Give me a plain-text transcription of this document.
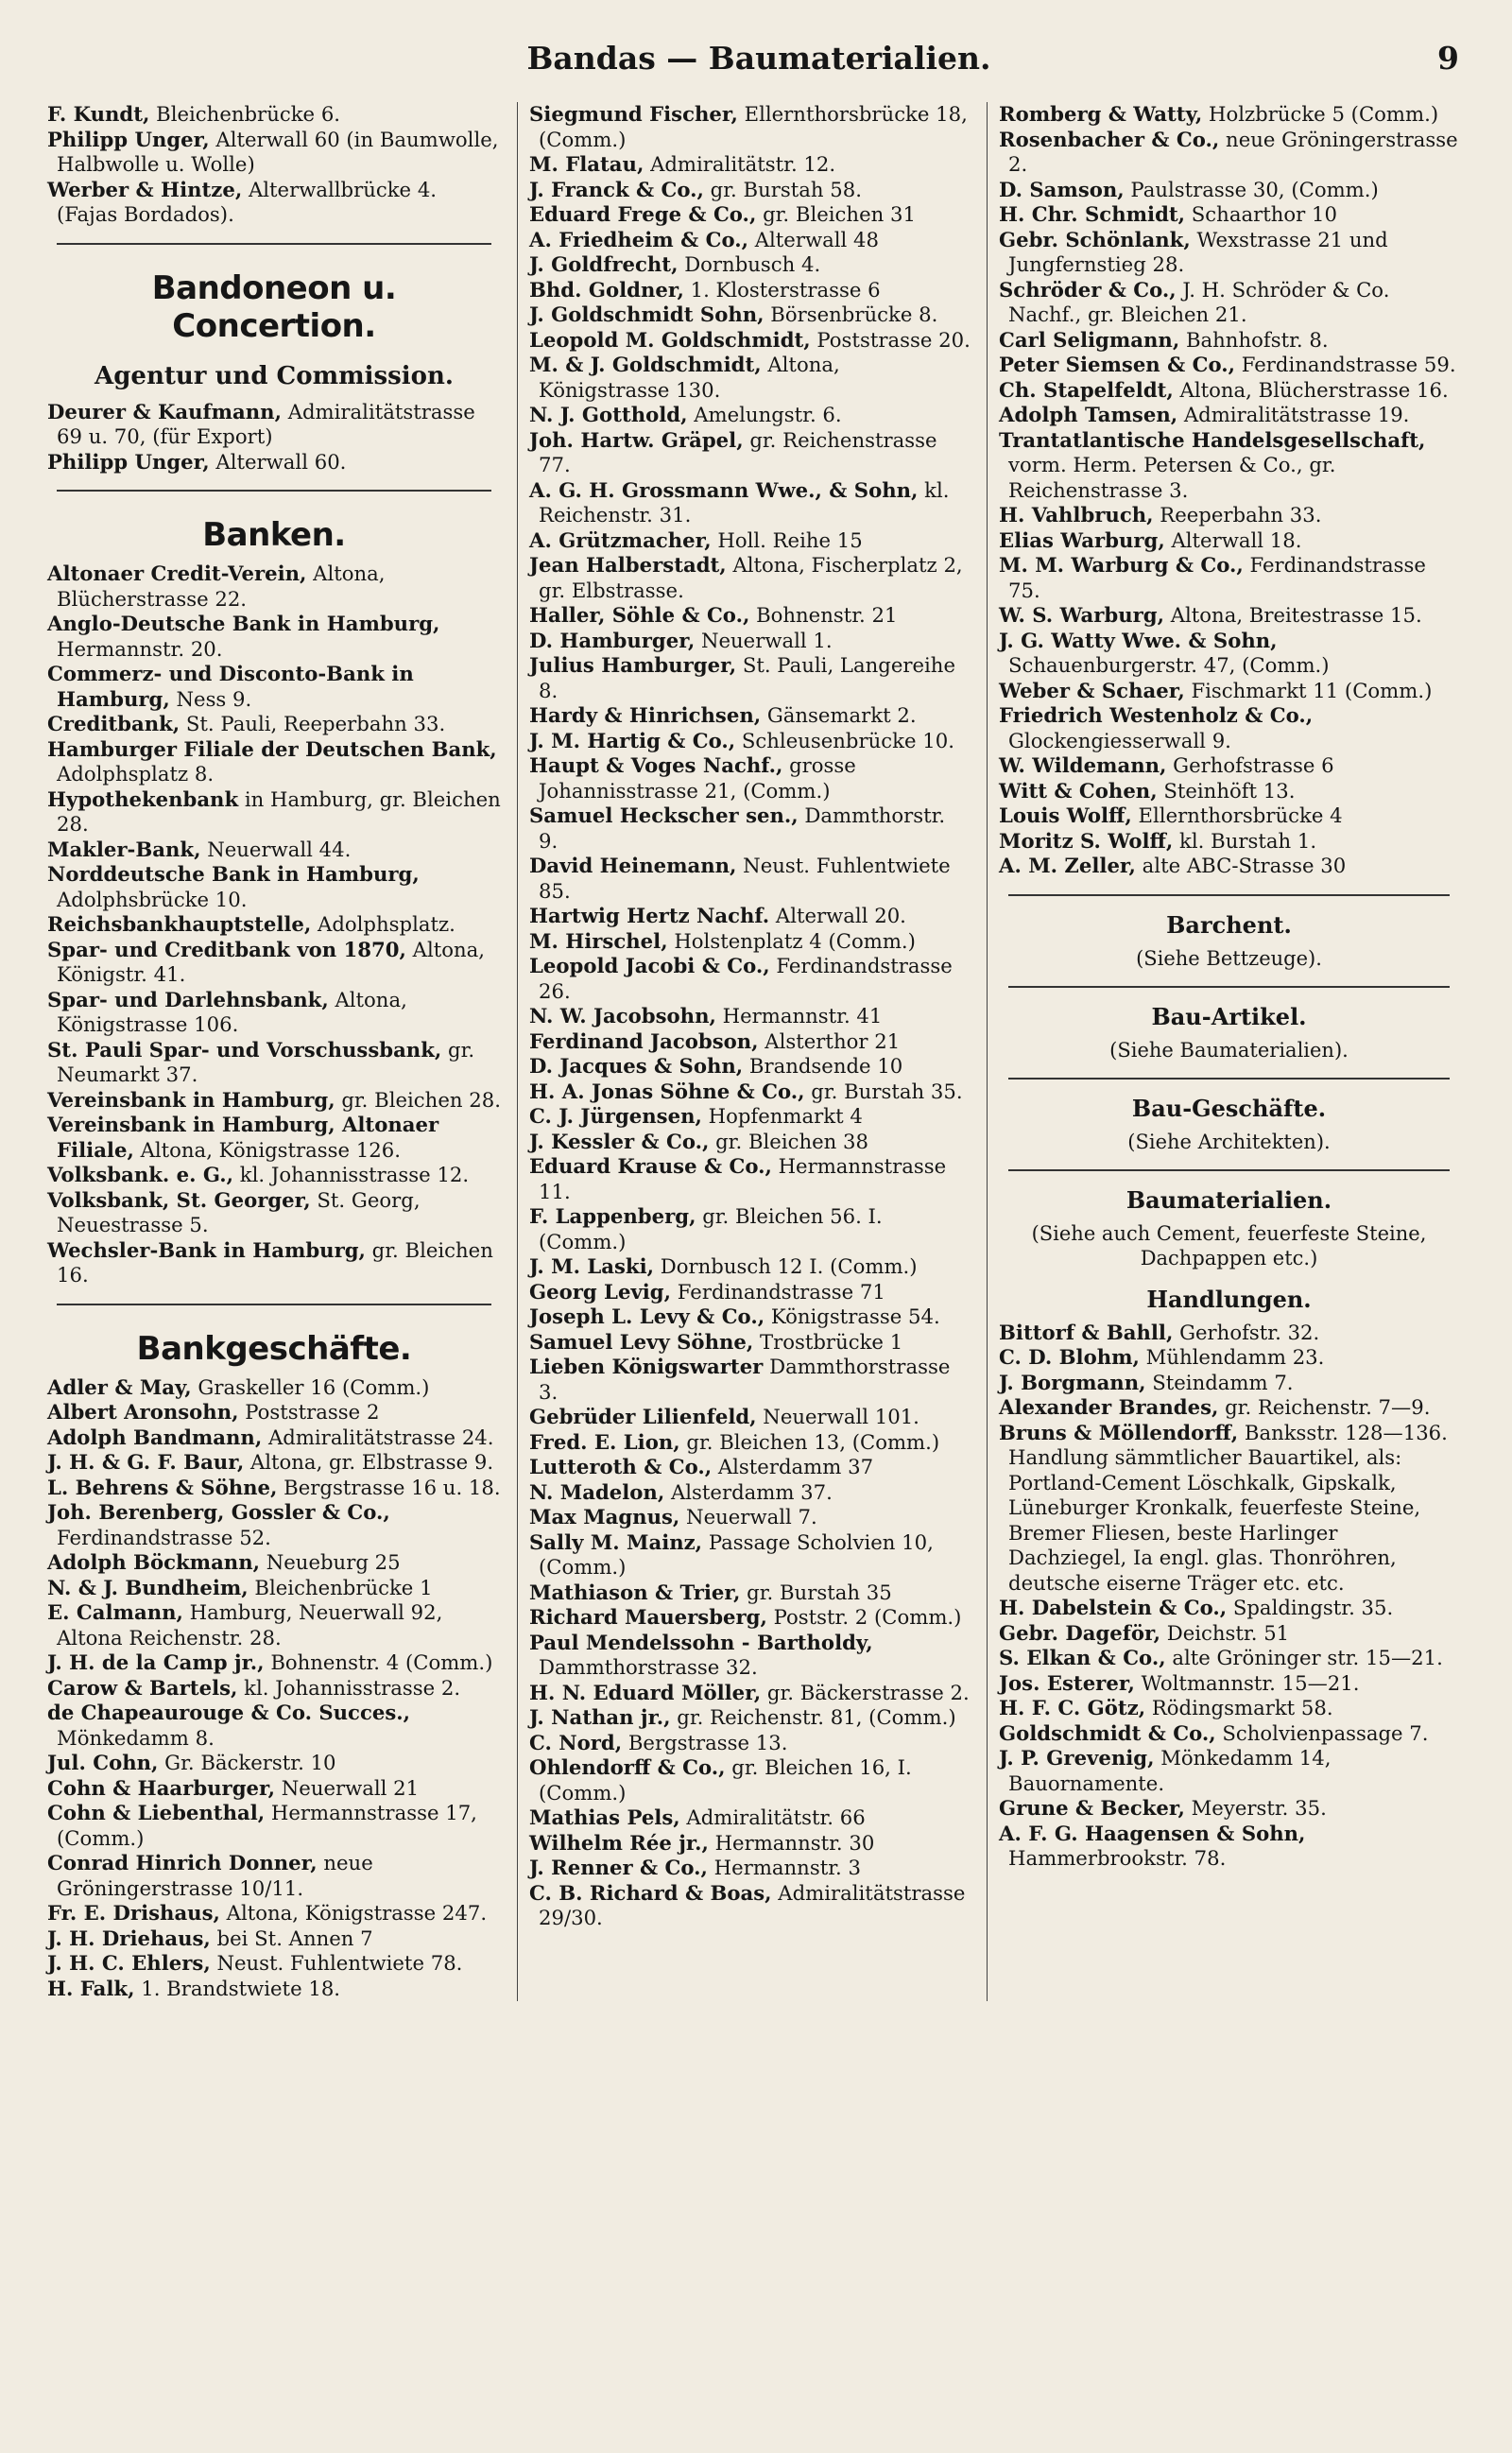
Bandas — Baumaterialien.	9

F. Kundt, Bleichenbrücke 6.

Philipp Unger, Alterwall 60 (in Baumwolle, Halbwolle u. Wolle)

Werber & Hintze, Alterwallbrücke 4. (Fajas Bordados).

Bandoneon u. Concertion.
Agentur und Commission.

Deurer & Kaufmann, Admiralitätstrasse 69 u. 70, (für Export)

Philipp Unger, Alterwall 60.

Banken.

Altonaer Credit-Verein, Altona, Blücherstrasse 22.

Anglo-Deutsche Bank in Hamburg, Hermannstr. 20.

Commerz- und Disconto-Bank in Hamburg, Ness 9.

Creditbank, St. Pauli, Reeperbahn 33.

Hamburger Filiale der Deutschen Bank, Adolphsplatz 8.

Hypothekenbank in Hamburg, gr. Bleichen 28.

Makler-Bank, Neuerwall 44.

Norddeutsche Bank in Hamburg, Adolphsbrücke 10.

Reichsbankhauptstelle, Adolphsplatz.

Spar- und Creditbank von 1870, Altona, Königstr. 41.

Spar- und Darlehnsbank, Altona, Königstrasse 106.

St. Pauli Spar- und Vorschussbank, gr. Neumarkt 37.

Vereinsbank in Hamburg, gr. Bleichen 28.

Vereinsbank in Hamburg, Altonaer Filiale, Altona, Königstrasse 126.

Volksbank. e. G., kl. Johannisstrasse 12.

Volksbank, St. Georger, St. Georg, Neuestrasse 5.

Wechsler-Bank in Hamburg, gr. Bleichen 16.

Bankgeschäfte.

Adler & May, Graskeller 16 (Comm.)

Albert Aronsohn, Poststrasse 2

Adolph Bandmann, Admiralitätstrasse 24.

J. H. & G. F. Baur, Altona, gr. Elbstrasse 9.

L. Behrens & Söhne, Bergstrasse 16 u. 18.

Joh. Berenberg, Gossler & Co., Ferdinandstrasse 52.

Adolph Böckmann, Neueburg 25

N. & J. Bundheim, Bleichenbrücke 1

E. Calmann, Hamburg, Neuerwall 92, Altona Reichenstr. 28.

J. H. de la Camp jr., Bohnenstr. 4 (Comm.)

Carow & Bartels, kl. Johannisstrasse 2.

de Chapeaurouge & Co. Succes., Mönkedamm 8.

Jul. Cohn, Gr. Bäckerstr. 10

Cohn & Haarburger, Neuerwall 21

Cohn & Liebenthal, Hermannstrasse 17, (Comm.)

Conrad Hinrich Donner, neue Gröningerstrasse 10/11.

Fr. E. Drishaus, Altona, Königstrasse 247.

J. H. Driehaus, bei St. Annen 7

J. H. C. Ehlers, Neust. Fuhlentwiete 78.

H. Falk, 1. Brandstwiete 18.

Siegmund Fischer, Ellernthorsbrücke 18, (Comm.)

M. Flatau, Admiralitätstr. 12.

J. Franck & Co., gr. Burstah 58.

Eduard Frege & Co., gr. Bleichen 31

A. Friedheim & Co., Alterwall 48

J. Goldfrecht, Dornbusch 4.

Bhd. Goldner, 1. Klosterstrasse 6

J. Goldschmidt Sohn, Börsenbrücke 8.

Leopold M. Goldschmidt, Poststrasse 20.

M. & J. Goldschmidt, Altona, Königstrasse 130.

N. J. Gotthold, Amelungstr. 6.

Joh. Hartw. Gräpel, gr. Reichenstrasse 77.

A. G. H. Grossmann Wwe., & Sohn, kl. Reichenstr. 31.

A. Grützmacher, Holl. Reihe 15

Jean Halberstadt, Altona, Fischerplatz 2, gr. Elbstrasse.

Haller, Söhle & Co., Bohnenstr. 21

D. Hamburger, Neuerwall 1.

Julius Hamburger, St. Pauli, Langereihe 8.

Hardy & Hinrichsen, Gänsemarkt 2.

J. M. Hartig & Co., Schleusenbrücke 10.

Haupt & Voges Nachf., grosse Johannisstrasse 21, (Comm.)

Samuel Heckscher sen., Dammthorstr. 9.

David Heinemann, Neust. Fuhlentwiete 85.

Hartwig Hertz Nachf. Alterwall 20.

M. Hirschel, Holstenplatz 4 (Comm.)

Leopold Jacobi & Co., Ferdinandstrasse 26.

N. W. Jacobsohn, Hermannstr. 41

Ferdinand Jacobson, Alsterthor 21

D. Jacques & Sohn, Brandsende 10

H. A. Jonas Söhne & Co., gr. Burstah 35.

C. J. Jürgensen, Hopfenmarkt 4

J. Kessler & Co., gr. Bleichen 38

Eduard Krause & Co., Hermannstrasse 11.

F. Lappenberg, gr. Bleichen 56. I. (Comm.)

J. M. Laski, Dornbusch 12 I. (Comm.)

Georg Levig, Ferdinandstrasse 71

Joseph L. Levy & Co., Königstrasse 54.

Samuel Levy Söhne, Trostbrücke 1

Lieben Königswarter Dammthorstrasse 3.

Gebrüder Lilienfeld, Neuerwall 101.

Fred. E. Lion, gr. Bleichen 13, (Comm.)

Lutteroth & Co., Alsterdamm 37

N. Madelon, Alsterdamm 37.

Max Magnus, Neuerwall 7.

Sally M. Mainz, Passage Scholvien 10, (Comm.)

Mathiason & Trier, gr. Burstah 35

Richard Mauersberg, Poststr. 2 (Comm.)

Paul Mendelssohn - Bartholdy, Dammthorstrasse 32.

H. N. Eduard Möller, gr. Bäckerstrasse 2.

J. Nathan jr., gr. Reichenstr. 81, (Comm.)

C. Nord, Bergstrasse 13.

Ohlendorff & Co., gr. Bleichen 16, I. (Comm.)

Mathias Pels, Admiralitätstr. 66

Wilhelm Rée jr., Hermannstr. 30

J. Renner & Co., Hermannstr. 3

C. B. Richard & Boas, Admiralitätstrasse 29/30.

Romberg & Watty, Holzbrücke 5 (Comm.)

Rosenbacher & Co., neue Gröningerstrasse 2.

D. Samson, Paulstrasse 30, (Comm.)

H. Chr. Schmidt, Schaarthor 10

Gebr. Schönlank, Wexstrasse 21 und Jungfernstieg 28.

Schröder & Co., J. H. Schröder & Co. Nachf., gr. Bleichen 21.

Carl Seligmann, Bahnhofstr. 8.

Peter Siemsen & Co., Ferdinandstrasse 59.

Ch. Stapelfeldt, Altona, Blücherstrasse 16.

Adolph Tamsen, Admiralitätstrasse 19.

Trantatlantische Handelsgesellschaft, vorm. Herm. Petersen & Co., gr. Reichenstrasse 3.

H. Vahlbruch, Reeperbahn 33.

Elias Warburg, Alterwall 18.

M. M. Warburg & Co., Ferdinandstrasse 75.

W. S. Warburg, Altona, Breitestrasse 15.

J. G. Watty Wwe. & Sohn, Schauenburgerstr. 47, (Comm.)

Weber & Schaer, Fischmarkt 11 (Comm.)

Friedrich Westenholz & Co., Glockengiesserwall 9.

W. Wildemann, Gerhofstrasse 6

Witt & Cohen, Steinhöft 13.

Louis Wolff, Ellernthorsbrücke 4

Moritz S. Wolff, kl. Burstah 1.

A. M. Zeller, alte ABC-Strasse 30

Barchent.
(Siehe Bettzeuge).
Bau-Artikel.
(Siehe Baumaterialien).
Bau-Geschäfte.
(Siehe Architekten).
Baumaterialien.
(Siehe auch Cement, feuerfeste Steine, Dachpappen etc.)
Handlungen.

Bittorf & Bahll, Gerhofstr. 32.

C. D. Blohm, Mühlendamm 23.

J. Borgmann, Steindamm 7.

Alexander Brandes, gr. Reichenstr. 7—9.

Bruns & Möllendorff, Banksstr. 128—136. Handlung sämmtlicher Bauartikel, als: Portland-Cement Löschkalk, Gipskalk, Lüneburger Kronkalk, feuerfeste Steine, Bremer Fliesen, beste Harlinger Dachziegel, Ia engl. glas. Thonröhren, deutsche eiserne Träger etc. etc.

H. Dabelstein & Co., Spaldingstr. 35.

Gebr. Dageför, Deichstr. 51

S. Elkan & Co., alte Gröninger str. 15—21.

Jos. Esterer, Woltmannstr. 15—21.

H. F. C. Götz, Rödingsmarkt 58.

Goldschmidt & Co., Scholvienpassage 7.

J. P. Grevenig, Mönkedamm 14, Bauornamente.

Grune & Becker, Meyerstr. 35.

A. F. G. Haagensen & Sohn, Hammerbrookstr. 78.
